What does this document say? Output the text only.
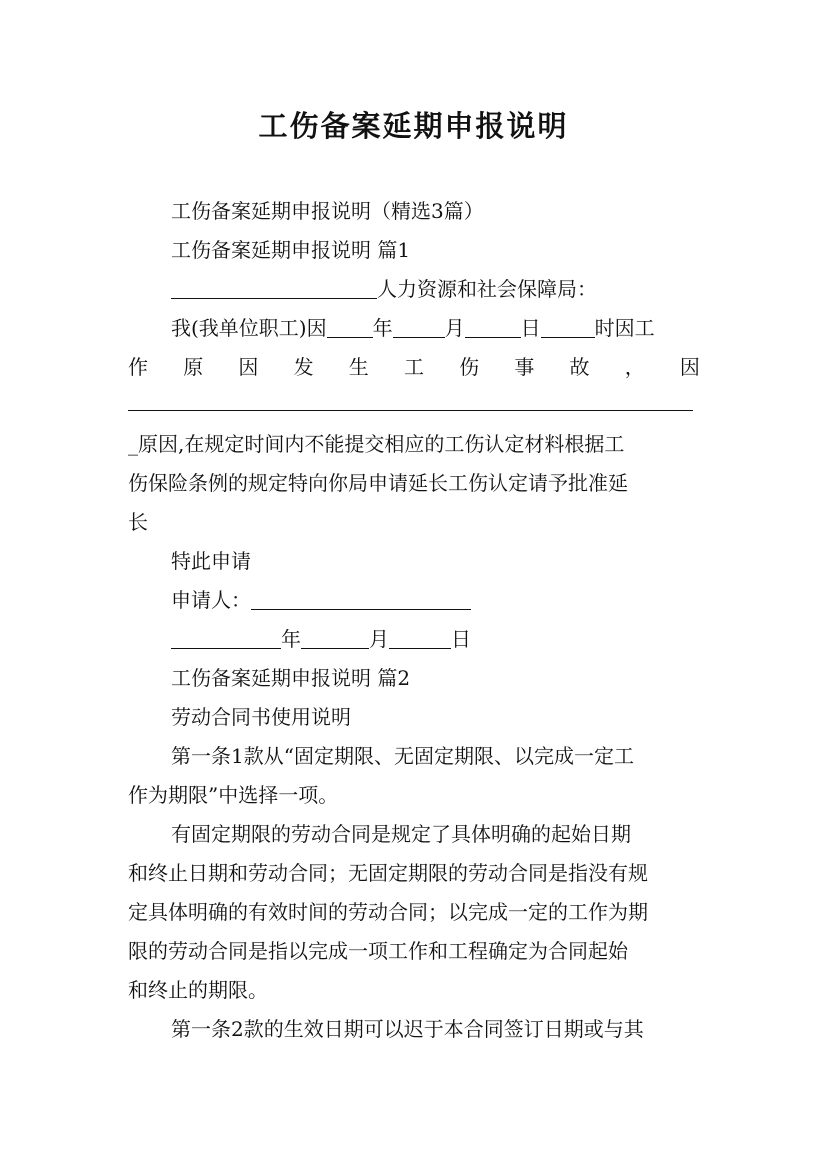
工伤备案延期申报说明

工伤备案延期申报说明（精选3篇）

工伤备案延期申报说明 篇1

人力资源和社会保障局：

我(我单位职工)因 年	月	日	时因工

作 原 因 发 生 工 伤 事 故 ， 因

_原因,在规定时间内不能提交相应的工伤认定材料根据工

伤保险条例的规定特向你局申请延长工伤认定请予批准延

长

特此申请

申请人：

年	月	日

工伤备案延期申报说明 篇2

劳动合同书使用说明

第一条1款从“固定期限、无固定期限、以完成一定工

作为期限”中选择一项。

有固定期限的劳动合同是规定了具体明确的起始日期

和终止日期和劳动合同；无固定期限的劳动合同是指没有规

定具体明确的有效时间的劳动合同；以完成一定的工作为期

限的劳动合同是指以完成一项工作和工程确定为合同起始

和终止的期限。

第一条2款的生效日期可以迟于本合同签订日期或与其
